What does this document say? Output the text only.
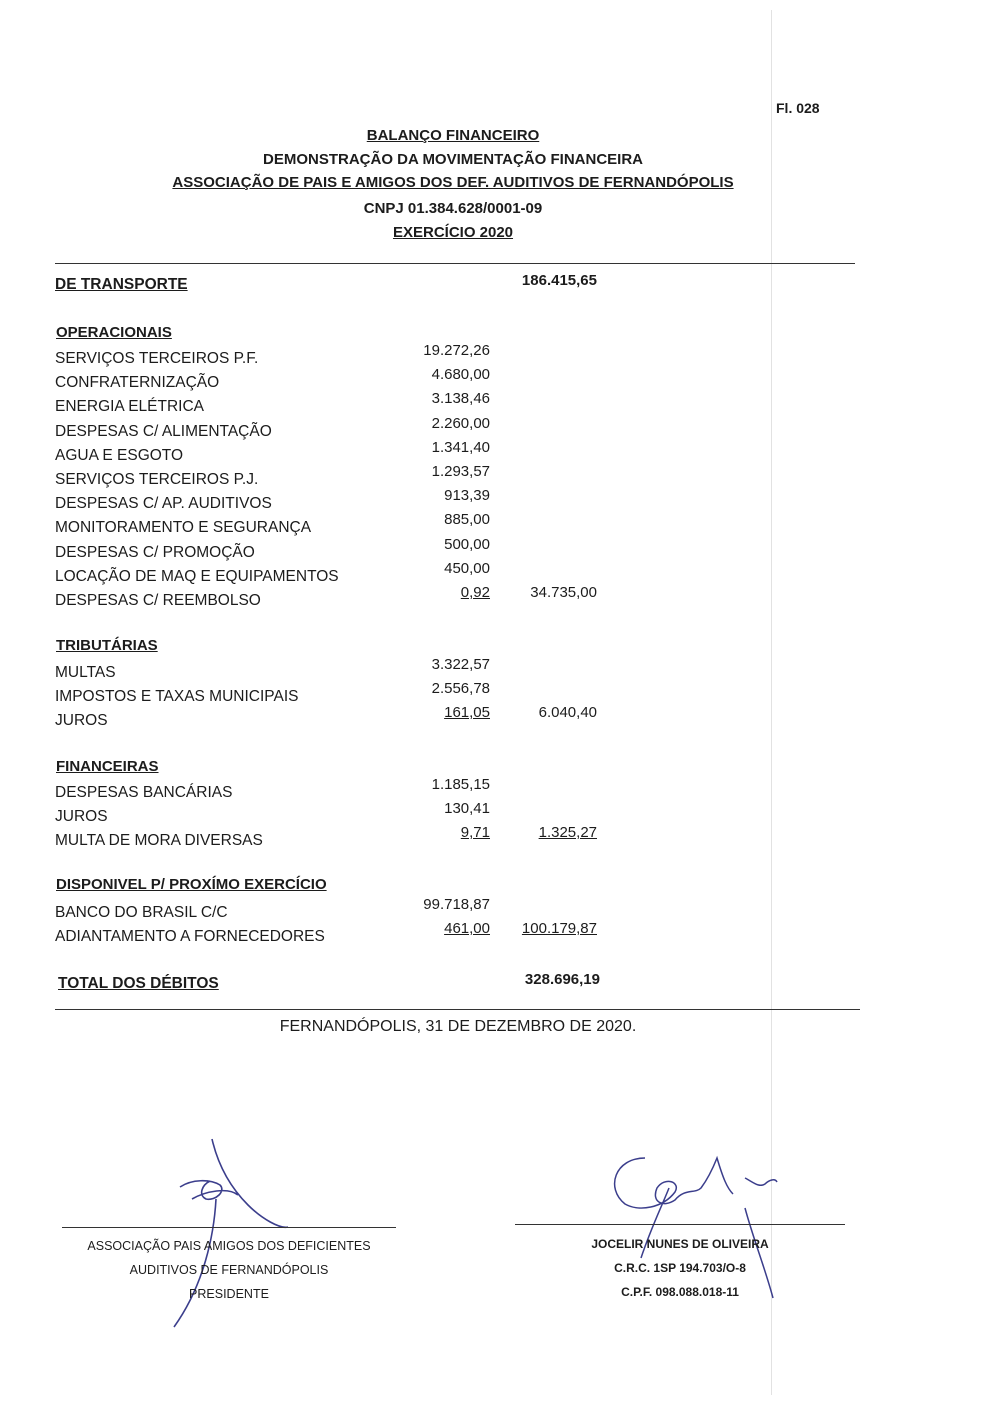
Fl. 028
BALANÇO FINANCEIRO
DEMONSTRAÇÃO DA MOVIMENTAÇÃO FINANCEIRA
ASSOCIAÇÃO DE PAIS E AMIGOS DOS DEF. AUDITIVOS DE FERNANDÓPOLIS
CNPJ 01.384.628/0001-09
EXERCÍCIO 2020
DE TRANSPORTE	186.415,65
OPERACIONAIS
SERVIÇOS TERCEIROS P.F.	19.272,26
CONFRATERNIZAÇÃO	4.680,00
ENERGIA ELÉTRICA	3.138,46
DESPESAS C/ ALIMENTAÇÃO	2.260,00
AGUA E ESGOTO	1.341,40
SERVIÇOS TERCEIROS P.J.	1.293,57
DESPESAS C/ AP. AUDITIVOS	913,39
MONITORAMENTO E SEGURANÇA	885,00
DESPESAS C/ PROMOÇÃO	500,00
LOCAÇÃO DE MAQ E EQUIPAMENTOS	450,00
DESPESAS C/ REEMBOLSO	0,92	34.735,00
TRIBUTÁRIAS
MULTAS	3.322,57
IMPOSTOS E TAXAS MUNICIPAIS	2.556,78
JUROS	161,05	6.040,40
FINANCEIRAS
DESPESAS BANCÁRIAS	1.185,15
JUROS	130,41
MULTA DE MORA DIVERSAS	9,71	1.325,27
DISPONIVEL P/ PROXÍMO EXERCÍCIO
BANCO DO BRASIL C/C	99.718,87
ADIANTAMENTO A FORNECEDORES	461,00 100.179,87
TOTAL DOS DÉBITOS	328.696,19
FERNANDÓPOLIS, 31 DE DEZEMBRO DE 2020.
ASSOCIAÇÃO PAIS AMIGOS DOS DEFICIENTES
AUDITIVOS DE FERNANDÓPOLIS
PRESIDENTE
JOCELIR NUNES DE OLIVEIRA
C.R.C. 1SP 194.703/O-8
C.P.F. 098.088.018-11
